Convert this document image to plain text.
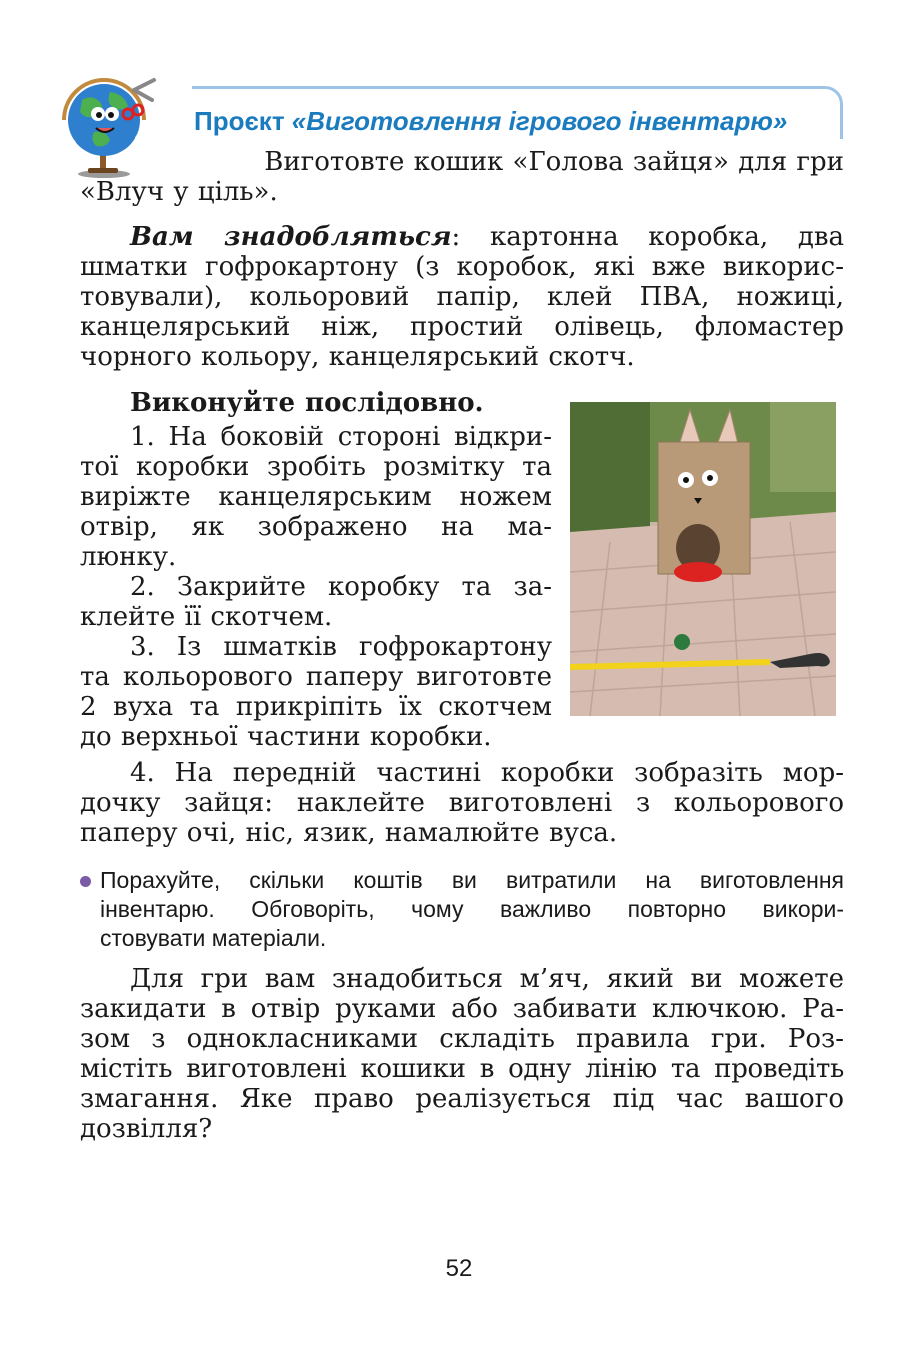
Проєкт «Виготовлення ігрового інвентарю»

Виготовте кошик «Голова зайця» для гри
«Влуч у ціль».

Вам знадобляться: картонна коробка, два
шматки гофрокартону (з коробок, які вже викорис-
товували), кольоровий папір, клей ПВА, ножиці,
канцелярський ніж, простий олівець, фломастер
чорного кольору, канцелярський скотч.
Виконуйте послідовно.
1. На боковій стороні відкри-
тої коробки зробіть розмітку та
виріжте канцелярським ножем
отвір, як зображено на ма-
люнку.
2. Закрийте коробку та за-
клейте її скотчем.
3. Із шматків гофрокартону
та кольорового паперу виготовте
2 вуха та прикріпіть їх скотчем
до верхньої частини коробки.
4. На передній частині коробки зобразіть мор-
дочку зайця: наклейте виготовлені з кольорового
паперу очі, ніс, язик, намалюйте вуса.
Порахуйте, скільки коштів ви витратили на виготовлення
інвентарю. Обговоріть, чому важливо повторно викори-
стовувати матеріали.
Для гри вам знадобиться м’яч, який ви можете
закидати в отвір руками або забивати ключкою. Ра-
зом з однокласниками складіть правила гри. Роз-
містіть виготовлені кошики в одну лінію та проведіть
змагання. Яке право реалізується під час вашого
дозвілля?
52
